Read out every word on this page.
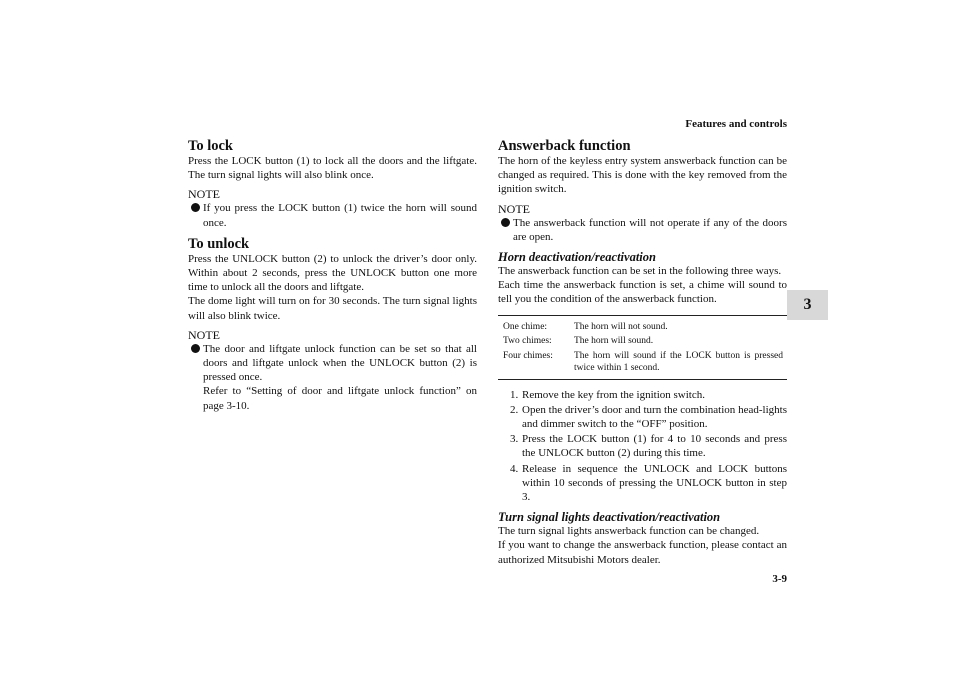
Features and controls
3
To lock

Press the LOCK button (1) to lock all the doors and the liftgate. The turn signal lights will also blink once.

NOTE
If you press the LOCK button (1) twice the horn will sound once.
To unlock

Press the UNLOCK button (2) to unlock the driver’s door only. Within about 2 seconds, press the UNLOCK button one more time to unlock all the doors and liftgate.

The dome light will turn on for 30 seconds. The turn signal lights will also blink twice.

NOTE
The door and liftgate unlock function can be set so that all doors and liftgate unlock when the UNLOCK button (2) is pressed once.
Refer to “Setting of door and liftgate unlock function” on page 3-10.
Answerback function

The horn of the keyless entry system answerback function can be changed as required. This is done with the key removed from the ignition switch.

NOTE
The answerback function will not operate if any of the doors are open.
Horn deactivation/reactivation

The answerback function can be set in the following three ways.

Each time the answerback function is set, a chime will sound to tell you the condition of the answerback function.

One chime:	The horn will not sound.
Two chimes:	The horn will sound.
Four chimes:	The horn will sound if the LOCK button is pressed twice within 1 second.
1. Remove the key from the ignition switch.
2. Open the driver’s door and turn the combination head-lights and dimmer switch to the “OFF” position.
3. Press the LOCK button (1) for 4 to 10 seconds and press the UNLOCK button (2) during this time.
4. Release in sequence the UNLOCK and LOCK buttons within 10 seconds of pressing the UNLOCK button in step 3.
Turn signal lights deactivation/reactivation

The turn signal lights answerback function can be changed.

If you want to change the answerback function, please contact an authorized Mitsubishi Motors dealer.

3-9
